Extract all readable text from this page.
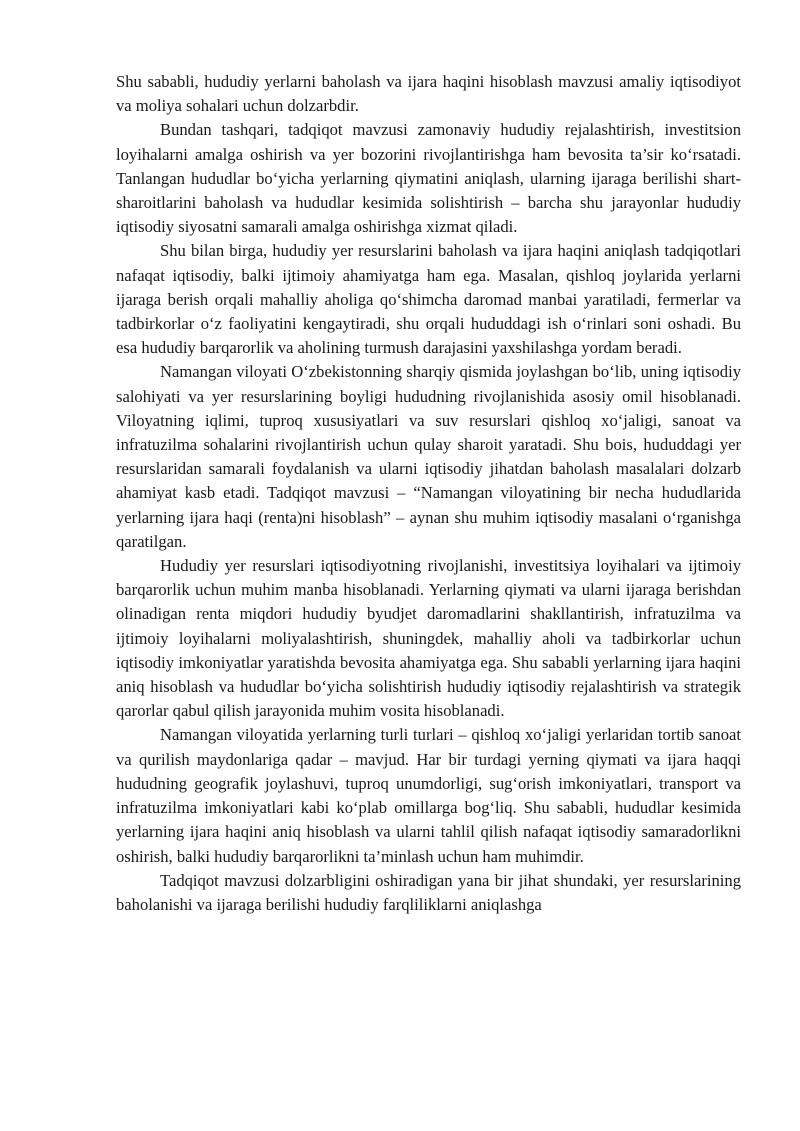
Shu sababli, hududiy yerlarni baholash va ijara haqini hisoblash mavzusi amaliy iqtisodiyot va moliya sohalari uchun dolzarbdir.

Bundan tashqari, tadqiqot mavzusi zamonaviy hududiy rejalashtirish, investitsion loyihalarni amalga oshirish va yer bozorini rivojlantirishga ham bevosita ta’sir ko‘rsatadi. Tanlangan hududlar bo‘yicha yerlarning qiymatini aniqlash, ularning ijaraga berilishi shart-sharoitlarini baholash va hududlar kesimida solishtirish – barcha shu jarayonlar hududiy iqtisodiy siyosatni samarali amalga oshirishga xizmat qiladi.

Shu bilan birga, hududiy yer resurslarini baholash va ijara haqini aniqlash tadqiqotlari nafaqat iqtisodiy, balki ijtimoiy ahamiyatga ham ega. Masalan, qishloq joylarida yerlarni ijaraga berish orqali mahalliy aholiga qo‘shimcha daromad manbai yaratiladi, fermerlar va tadbirkorlar o‘z faoliyatini kengaytiradi, shu orqali hududdagi ish o‘rinlari soni oshadi. Bu esa hududiy barqarorlik va aholining turmush darajasini yaxshilashga yordam beradi.

Namangan viloyati O‘zbekistonning sharqiy qismida joylashgan bo‘lib, uning iqtisodiy salohiyati va yer resurslarining boyligi hududning rivojlanishida asosiy omil hisoblanadi. Viloyatning iqlimi, tuproq xususiyatlari va suv resurslari qishloq xo‘jaligi, sanoat va infratuzilma sohalarini rivojlantirish uchun qulay sharoit yaratadi. Shu bois, hududdagi yer resurslaridan samarali foydalanish va ularni iqtisodiy jihatdan baholash masalalari dolzarb ahamiyat kasb etadi. Tadqiqot mavzusi – “Namangan viloyatining bir necha hududlarida yerlarning ijara haqi (renta)ni hisoblash” – aynan shu muhim iqtisodiy masalani o‘rganishga qaratilgan.

Hududiy yer resurslari iqtisodiyotning rivojlanishi, investitsiya loyihalari va ijtimoiy barqarorlik uchun muhim manba hisoblanadi. Yerlarning qiymati va ularni ijaraga berishdan olinadigan renta miqdori hududiy byudjet daromadlarini shakllantirish, infratuzilma va ijtimoiy loyihalarni moliyalashtirish, shuningdek, mahalliy aholi va tadbirkorlar uchun iqtisodiy imkoniyatlar yaratishda bevosita ahamiyatga ega. Shu sababli yerlarning ijara haqini aniq hisoblash va hududlar bo‘yicha solishtirish hududiy iqtisodiy rejalashtirish va strategik qarorlar qabul qilish jarayonida muhim vosita hisoblanadi.

Namangan viloyatida yerlarning turli turlari – qishloq xo‘jaligi yerlaridan tortib sanoat va qurilish maydonlariga qadar – mavjud. Har bir turdagi yerning qiymati va ijara haqqi hududning geografik joylashuvi, tuproq unumdorligi, sug‘orish imkoniyatlari, transport va infratuzilma imkoniyatlari kabi ko‘plab omillarga bog‘liq. Shu sababli, hududlar kesimida yerlarning ijara haqini aniq hisoblash va ularni tahlil qilish nafaqat iqtisodiy samaradorlikni oshirish, balki hududiy barqarorlikni ta’minlash uchun ham muhimdir.

Tadqiqot mavzusi dolzarbligini oshiradigan yana bir jihat shundaki, yer resurslarining baholanishi va ijaraga berilishi hududiy farqliliklarni aniqlashga
